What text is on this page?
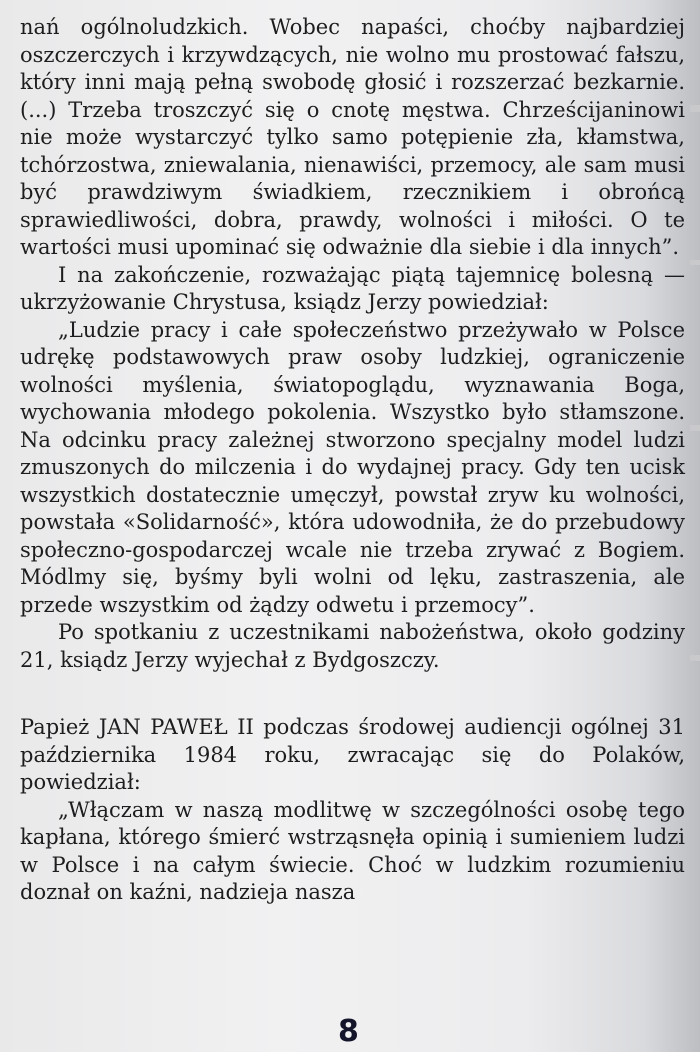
nań ogólnoludzkich. Wobec napaści, choćby najbardziej oszczerczych i krzywdzących, nie wolno mu prostować fałszu, który inni mają pełną swobodę głosić i rozszerzać bezkarnie. (...) Trzeba troszczyć się o cnotę męstwa. Chrześcijaninowi nie może wystarczyć tylko samo potępienie zła, kłamstwa, tchórzostwa, zniewalania, nienawiści, przemocy, ale sam musi być prawdziwym świadkiem, rzecznikiem i obrońcą sprawiedliwości, dobra, prawdy, wolności i miłości. O te wartości musi upominać się odważnie dla siebie i dla innych”.

I na zakończenie, rozważając piątą tajemnicę bolesną — ukrzyżowanie Chrystusa, ksiądz Jerzy powiedział:

„Ludzie pracy i całe społeczeństwo przeżywało w Polsce udrękę podstawowych praw osoby ludzkiej, ograniczenie wolności myślenia, światopoglądu, wyznawania Boga, wychowania młodego pokolenia. Wszystko było stłamszone. Na odcinku pracy zależnej stworzono specjalny model ludzi zmuszonych do milczenia i do wydajnej pracy. Gdy ten ucisk wszystkich dostatecznie umęczył, powstał zryw ku wolności, powstała «Solidarność», która udowodniła, że do przebudowy społeczno-gospodarczej wcale nie trzeba zrywać z Bogiem. Módlmy się, byśmy byli wolni od lęku, zastraszenia, ale przede wszystkim od żądzy odwetu i przemocy”.

Po spotkaniu z uczestnikami nabożeństwa, około godziny 21, ksiądz Jerzy wyjechał z Bydgoszczy.

Papież JAN PAWEŁ II podczas środowej audiencji ogólnej 31 października 1984 roku, zwracając się do Polaków, powiedział:

„Włączam w naszą modlitwę w szczególności osobę tego kapłana, którego śmierć wstrząsnęła opinią i sumieniem ludzi w Polsce i na całym świecie. Choć w ludzkim rozumieniu doznał on kaźni, nadzieja nasza

8
